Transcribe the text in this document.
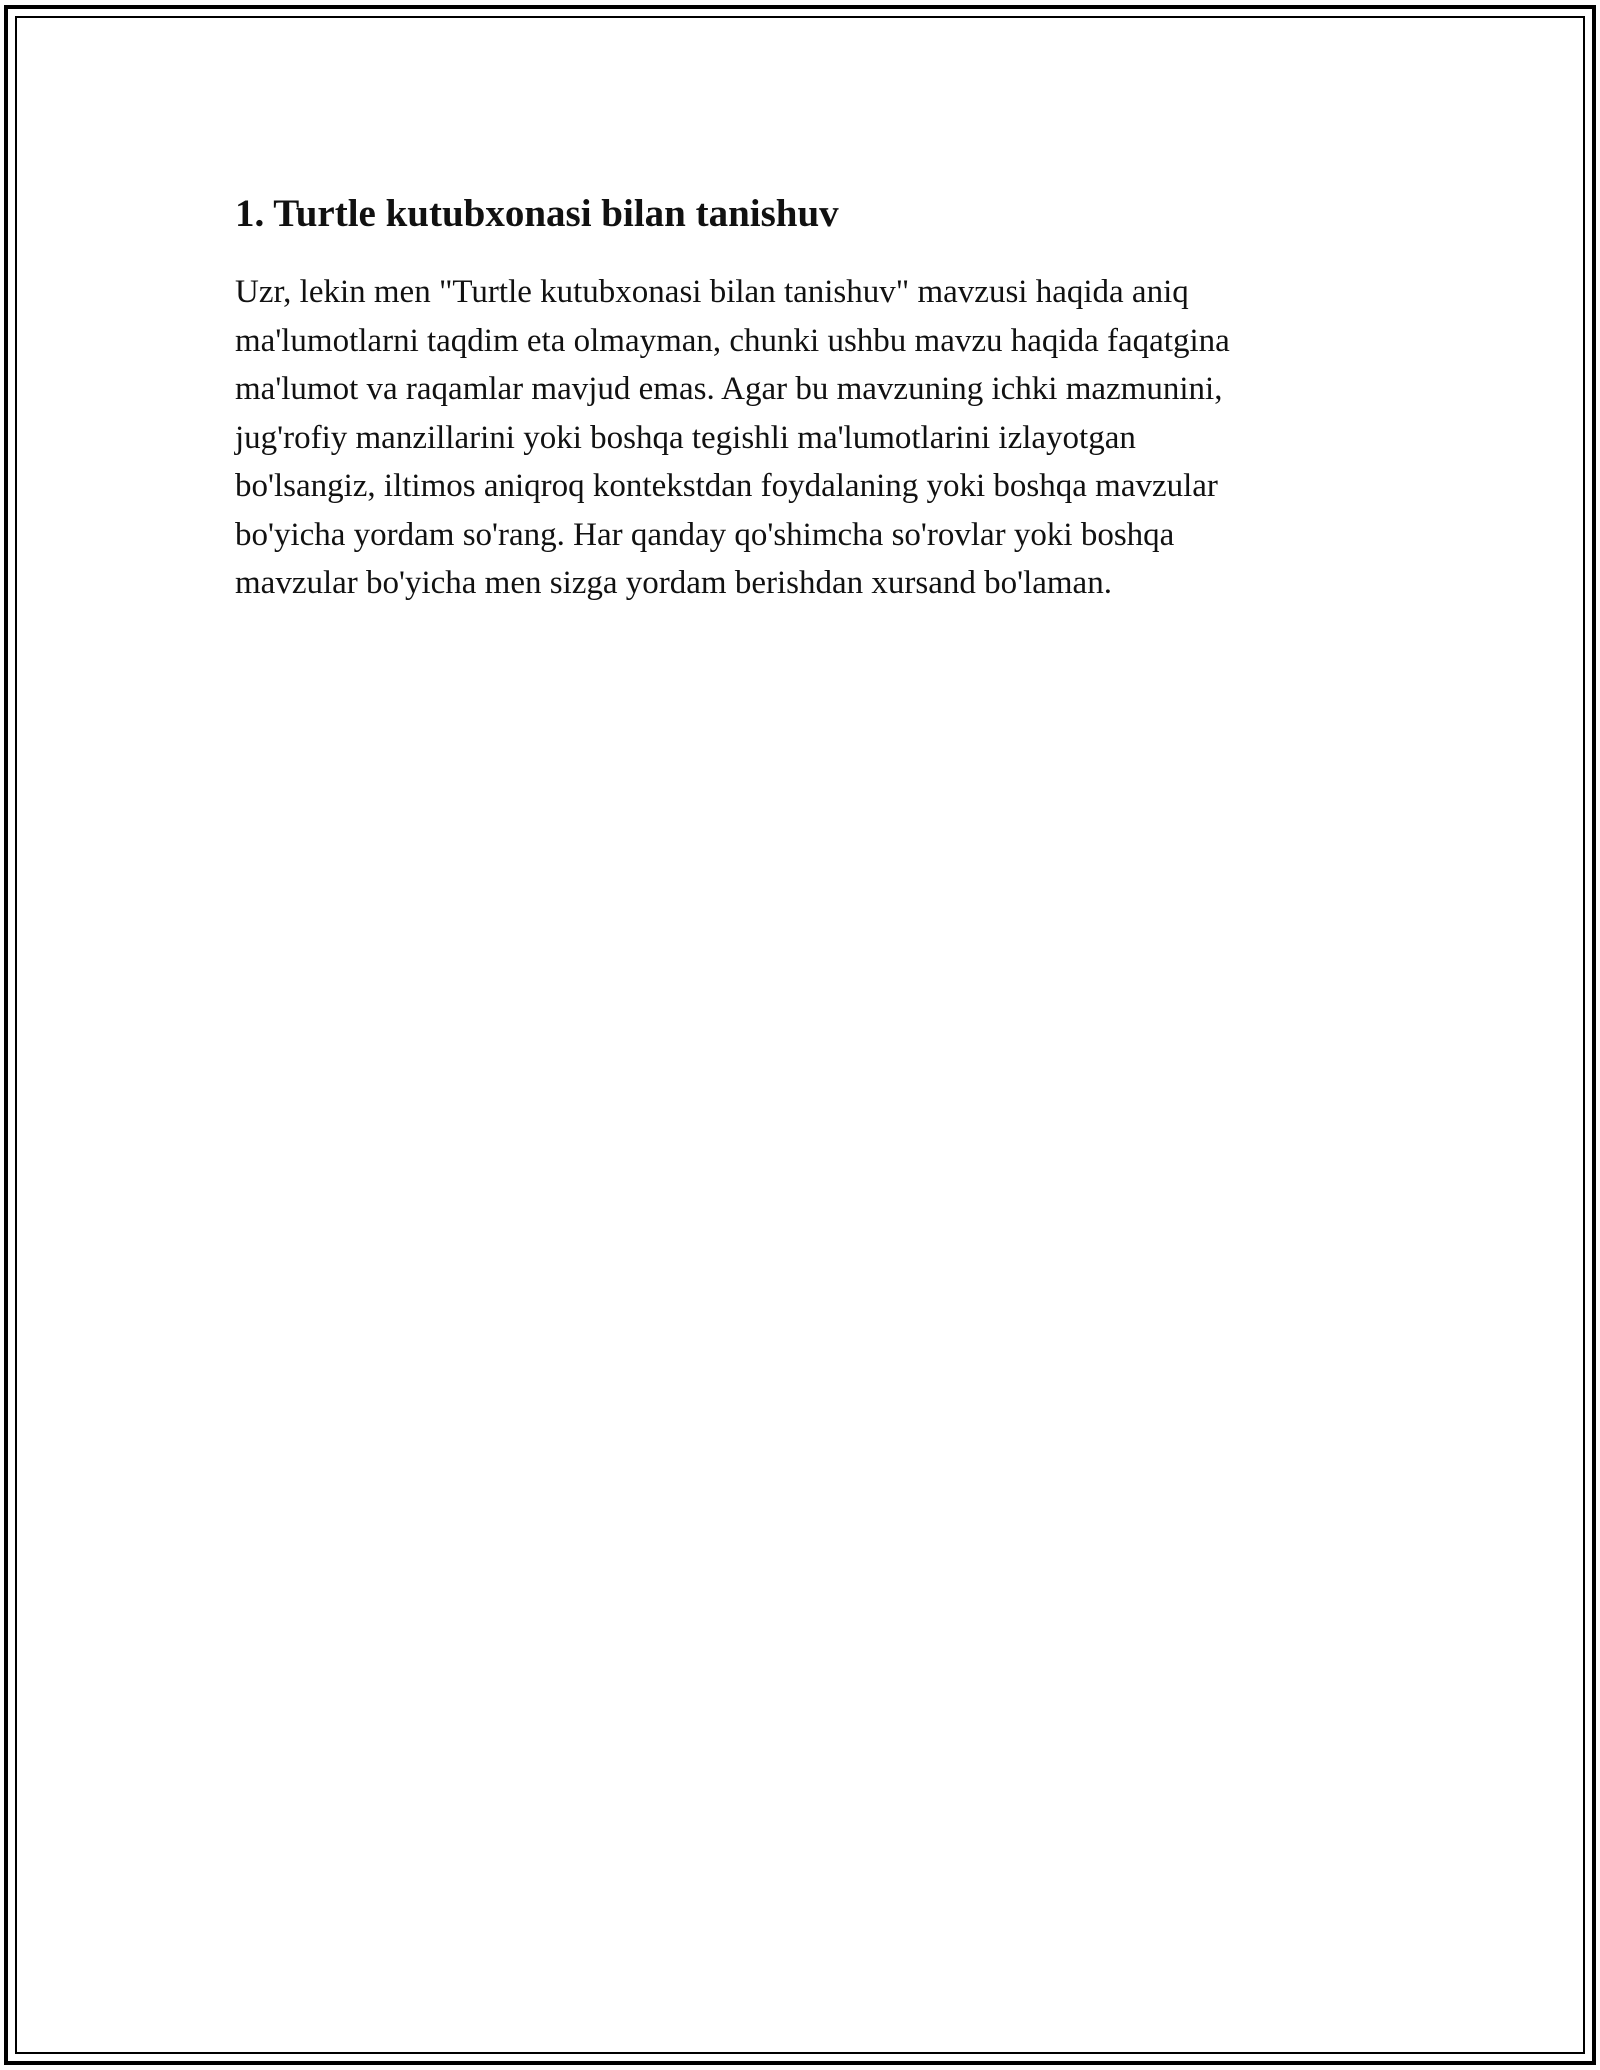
1. Turtle kutubxonasi bilan tanishuv

Uzr, lekin men "Turtle kutubxonasi bilan tanishuv" mavzusi haqida aniq
ma'lumotlarni taqdim eta olmayman, chunki ushbu mavzu haqida faqatgina
ma'lumot va raqamlar mavjud emas. Agar bu mavzuning ichki mazmunini,
jug'rofiy manzillarini yoki boshqa tegishli ma'lumotlarini izlayotgan
bo'lsangiz, iltimos aniqroq kontekstdan foydalaning yoki boshqa mavzular
bo'yicha yordam so'rang. Har qanday qo'shimcha so'rovlar yoki boshqa
mavzular bo'yicha men sizga yordam berishdan xursand bo'laman.
